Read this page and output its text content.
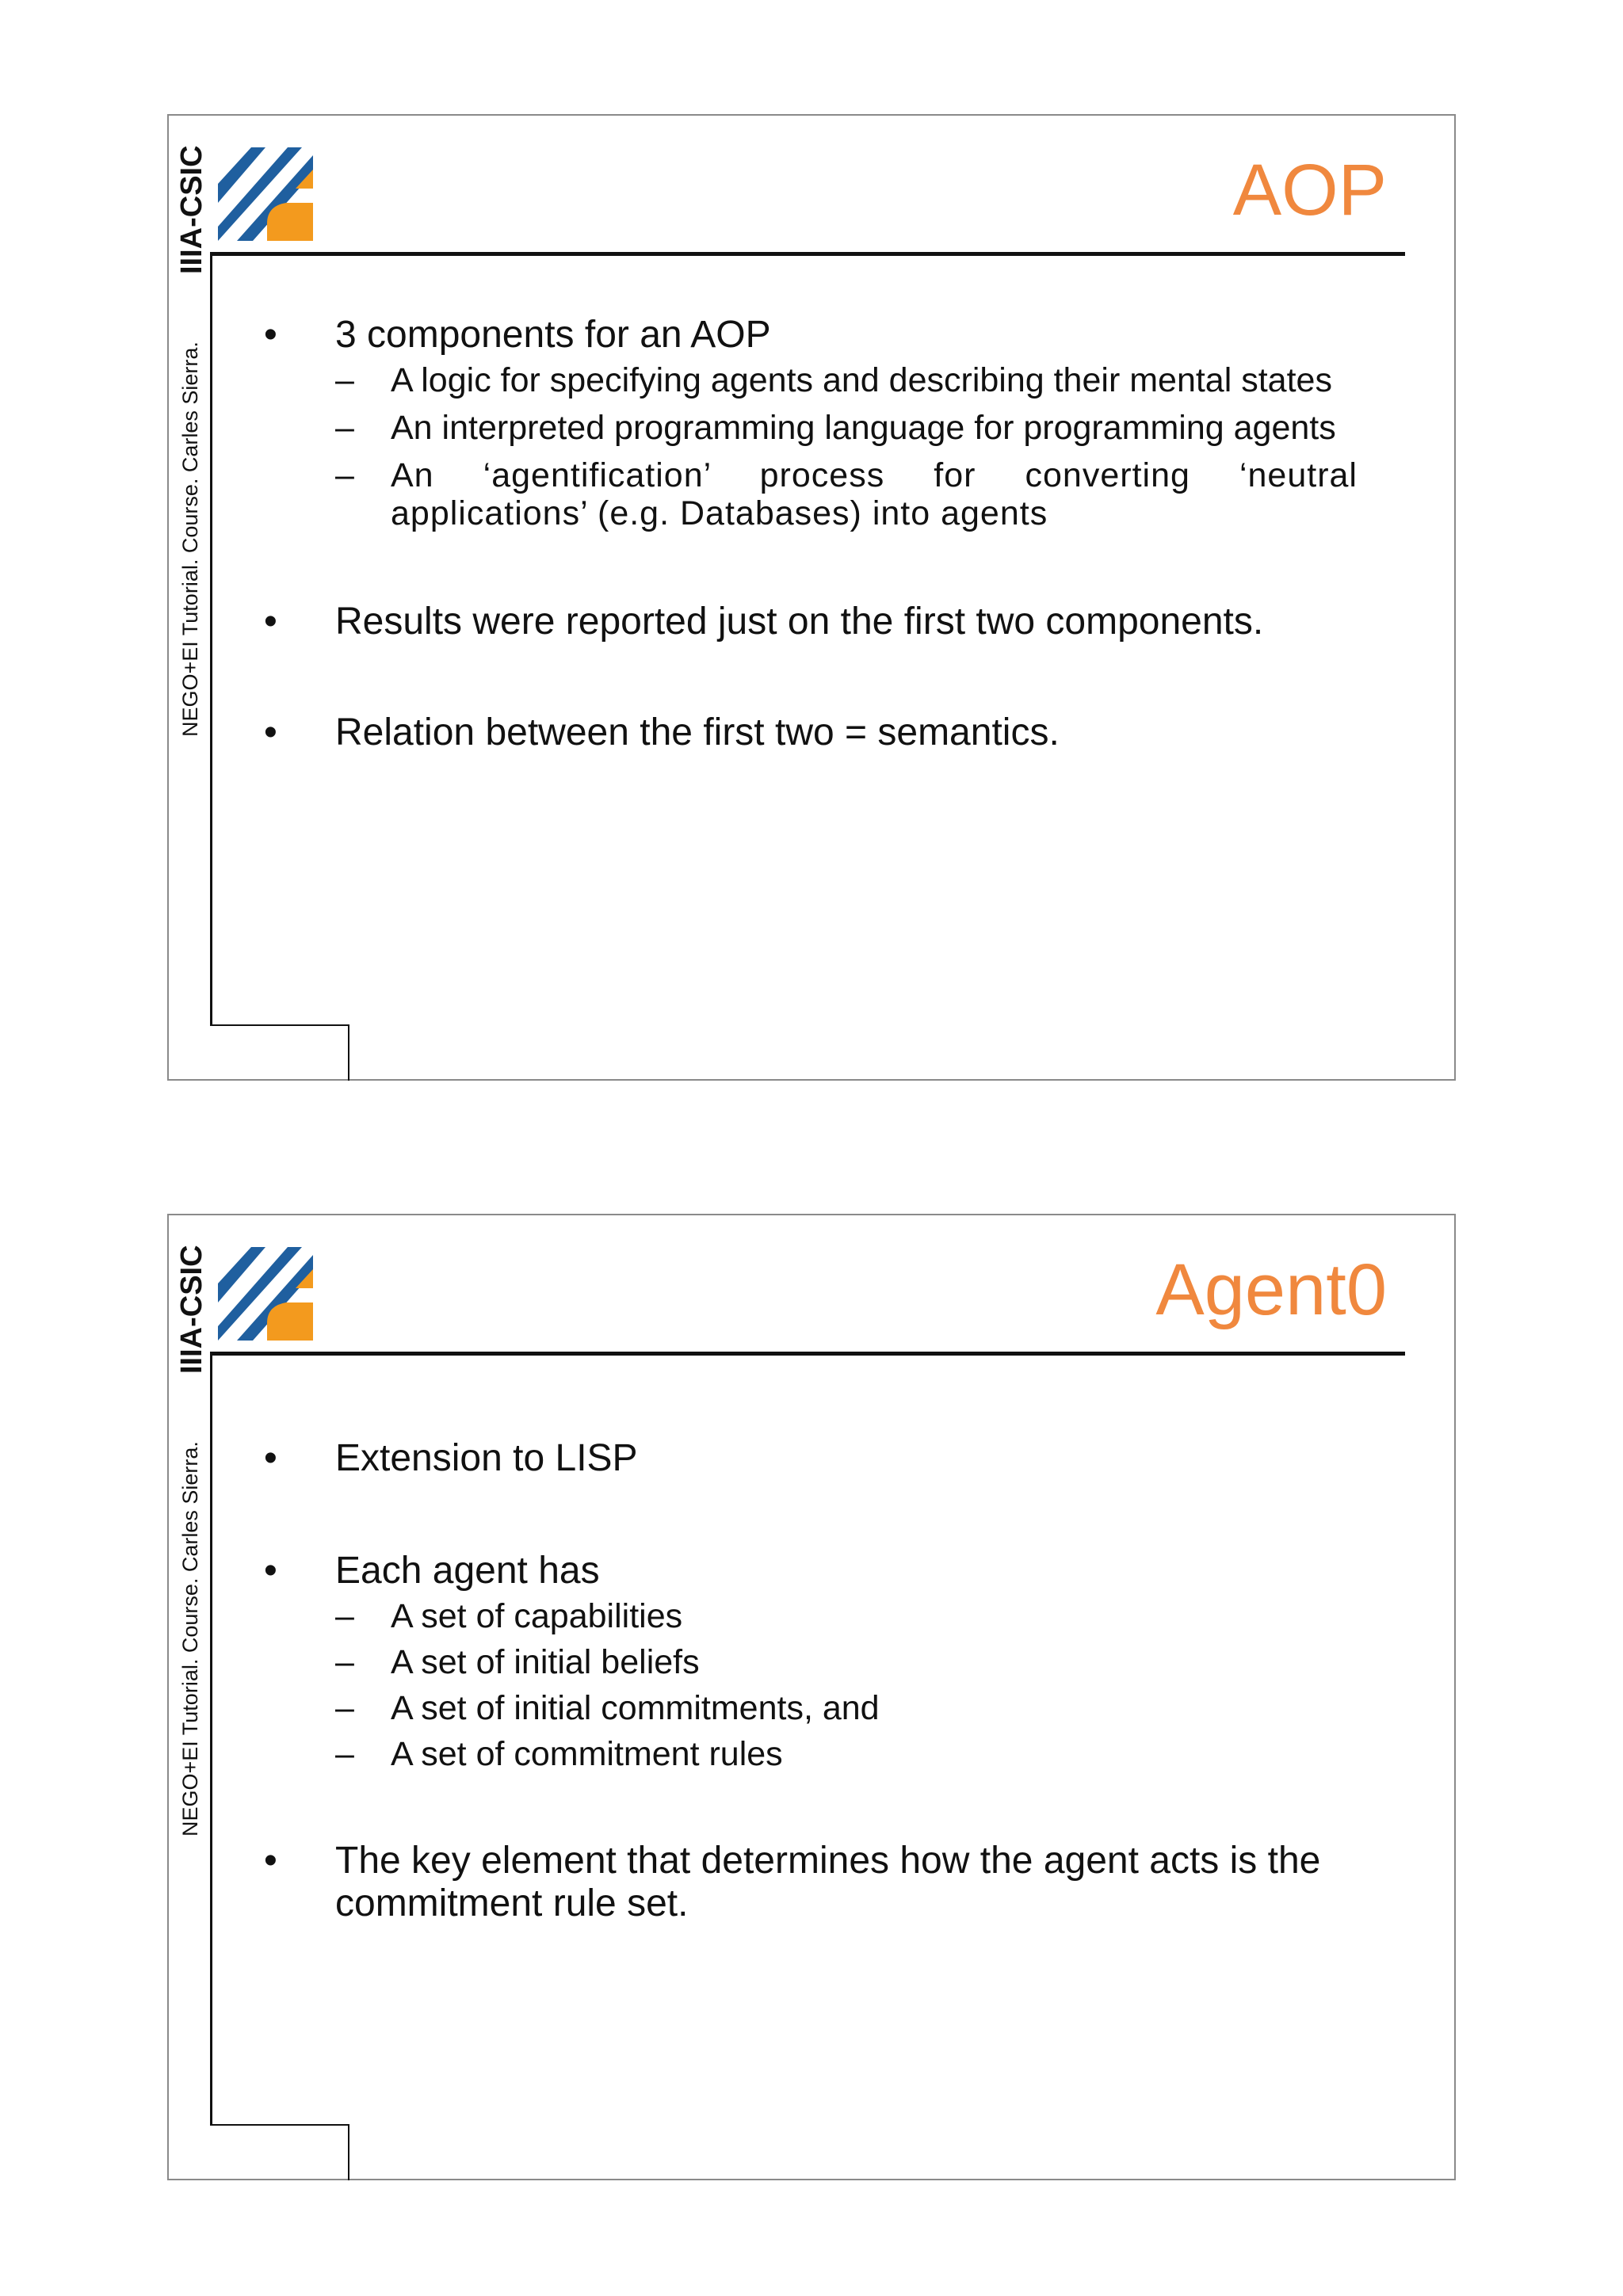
IIIA-CSIC
NEGO+EI Tutorial. Course. Carles Sierra.
AOP
• 3 components for an AOP
– A logic for specifying agents and describing their mental states
– An interpreted programming language for programming agents
– An ‘agentification’ process for converting ‘neutral applications’ (e.g. Databases) into agents
• Results were reported just on the first two components.
• Relation between the first two = semantics.
IIIA-CSIC
NEGO+EI Tutorial. Course. Carles Sierra.
Agent0
• Extension to LISP
• Each agent has
– A set of capabilities
– A set of initial beliefs
– A set of initial commitments, and
– A set of commitment rules
• The key element that determines how the agent acts is the commitment rule set.
